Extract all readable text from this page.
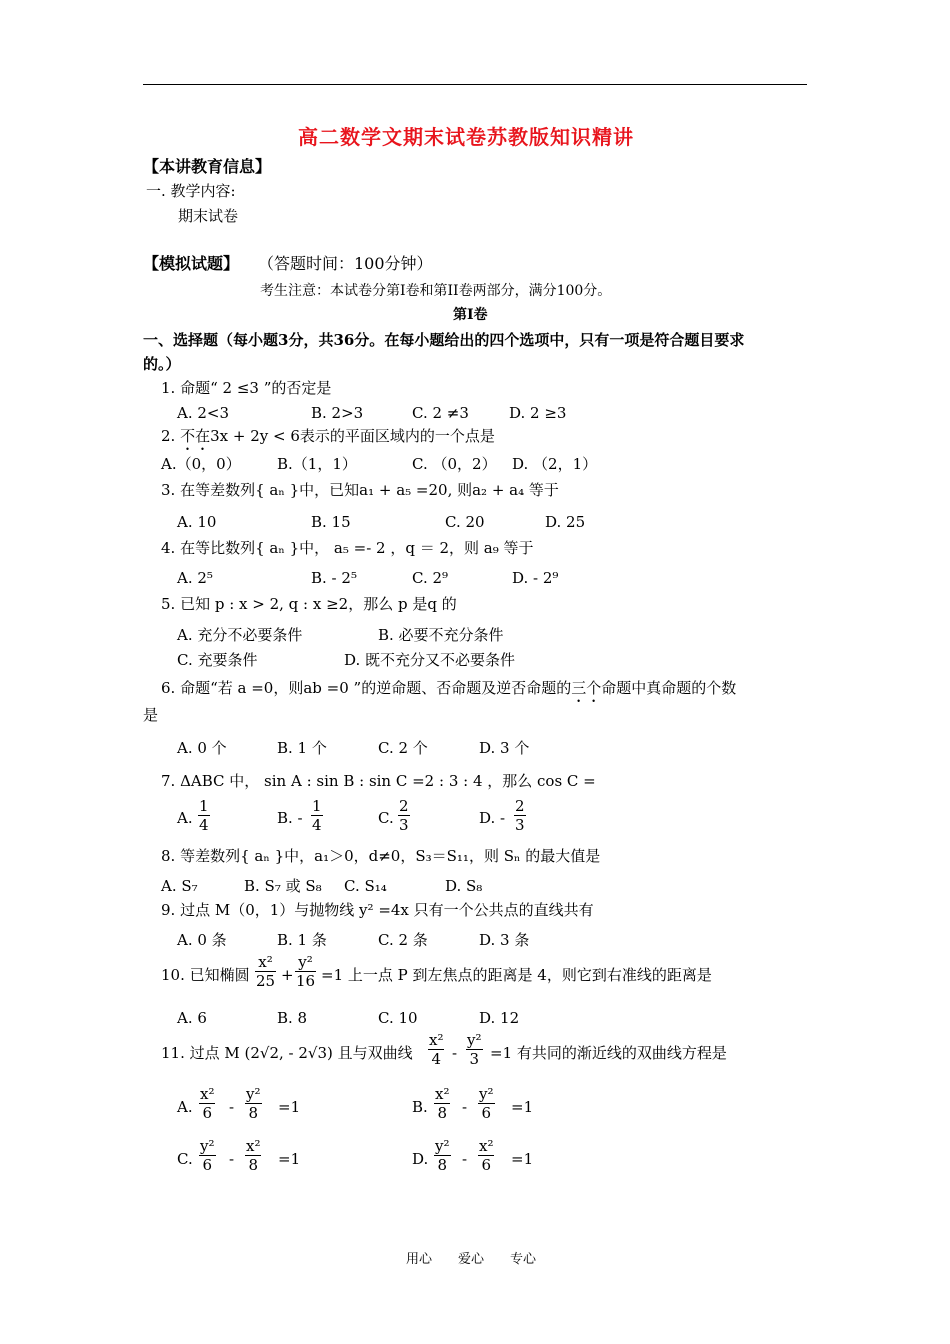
高二数学文期末试卷苏教版知识精讲
【本讲教育信息】
一. 教学内容:
期末试卷
【模拟试题】 （答题时间：100分钟）
考生注意：本试卷分第I卷和第II卷两部分，满分100分。
第I卷
一、选择题（每小题3分，共36分。在每小题给出的四个选项中，只有一项是符合题目要求
的。）
1. 命题“ 2 ≤3 ”的否定是
A. 2<3	B. 2>3	C. 2 ≠3	D. 2 ≥3
2. 不在3x + 2y < 6表示的平面区域内的一个点是
A.（0，0） B.（1，1）	C. （0，2） D. （2，1）
3. 在等差数列{ aₙ }中，已知a₁ + a₅ =20, 则a₂ + a₄ 等于
A. 10	B. 15	C. 20	D. 25
4. 在等比数列{ aₙ }中， a₅ =- 2 ，q ＝ 2，则 a₉ 等于
A. 2⁵	B. - 2⁵	C. 2⁹	D. - 2⁹
5. 已知 p : x > 2, q : x ≥2，那么 p 是q 的
A. 充分不必要条件	B. 必要不充分条件
C. 充要条件	D. 既不充分又不必要条件
6. 命题“若 a =0，则ab =0 ”的逆命题、否命题及逆否命题的三个命题中真命题的个数
是
A. 0 个	B. 1 个	C. 2 个	D. 3 个
7. ΔABC 中， sin A : sin B : sin C =2 : 3 : 4 ，那么 cos C =
A. $\frac{1}{4}$	B. - $\frac{1}{4}$	C. $\frac{2}{3}$	D. - $\frac{2}{3}$
8. 等差数列{ aₙ }中，a₁＞0，d≠0，S₃＝S₁₁，则 Sₙ 的最大值是
A. S₇	B. S₇ 或 S₈ C. S₁₄	D. S₈
9. 过点 M（0，1）与抛物线 y² =4x 只有一个公共点的直线共有
A. 0 条	B. 1 条	C. 2 条	D. 3 条
10. 已知椭圆 $\frac{\text{x²}}{25} + \frac{\text{y²}}{16} =1$ 上一点 P 到左焦点的距离是 4，则它到右准线的距离是
A. 6	B. 8	C. 10	D. 12
11. 过点 M (2√2, - 2√3) 且与双曲线 $\frac{\text{x²}}{4} - \frac{\text{y²}}{3} =1$ 有共同的渐近线的双曲线方程是
A. $\frac{\text{x²}}{6} - \frac{\text{y²}}{8} =1$	B. $\frac{\text{x²}}{8} - \frac{\text{y²}}{6} =1$
C. $\frac{\text{y²}}{6} - \frac{\text{x²}}{8} =1$	D. $\frac{\text{y²}}{8} - \frac{\text{x²}}{6} =1$
用心　　爱心　　专心
